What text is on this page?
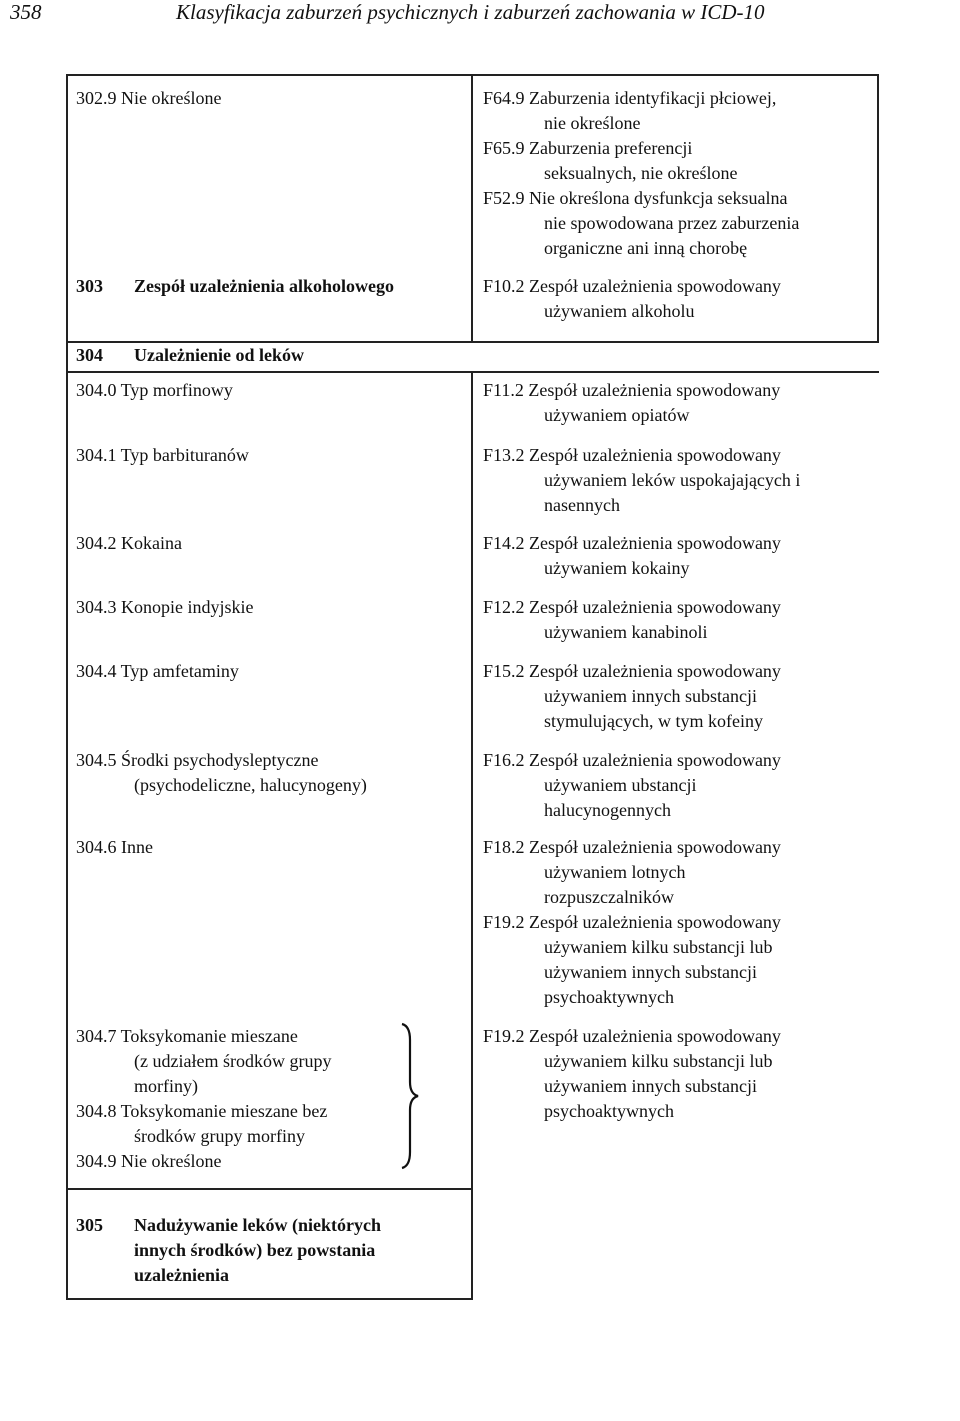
358	Klasyfikacja zaburzeń psychicznych i zaburzeń zachowania w ICD-10
302.9 Nie określone
303 Zespół uzależnienia alkoholowego
304 Uzależnienie od leków
304.0 Typ morfinowy
304.1 Typ barbituranów
304.2 Kokaina
304.3 Konopie indyjskie
304.4 Typ amfetaminy
304.5 Środki psychodysleptyczne
(psychodeliczne, halucynogeny)
304.6 Inne
304.7 Toksykomanie mieszane
(z udziałem środków grupy
morfiny)
304.8 Toksykomanie mieszane bez
środków grupy morfiny
304.9 Nie określone
305 Nadużywanie leków (niektórych
innych środków) bez powstania
uzależnienia
F64.9 Zaburzenia identyfikacji płciowej,
nie określone
F65.9 Zaburzenia preferencji
seksualnych, nie określone
F52.9 Nie określona dysfunkcja seksualna
nie spowodowana przez zaburzenia
organiczne ani inną chorobę
F10.2 Zespół uzależnienia spowodowany
używaniem alkoholu
F11.2 Zespół uzależnienia spowodowany
używaniem opiatów
F13.2 Zespół uzależnienia spowodowany
używaniem leków uspokajających i
nasennych
F14.2 Zespół uzależnienia spowodowany
używaniem kokainy
F12.2 Zespół uzależnienia spowodowany
używaniem kanabinoli
F15.2 Zespół uzależnienia spowodowany
używaniem innych substancji
stymulujących, w tym kofeiny
F16.2 Zespół uzależnienia spowodowany
używaniem ubstancji
halucynogennych
F18.2 Zespół uzależnienia spowodowany
używaniem lotnych
rozpuszczalników
F19.2 Zespół uzależnienia spowodowany
używaniem kilku substancji lub
używaniem innych substancji
psychoaktywnych
F19.2 Zespół uzależnienia spowodowany
używaniem kilku substancji lub
używaniem innych substancji
psychoaktywnych
